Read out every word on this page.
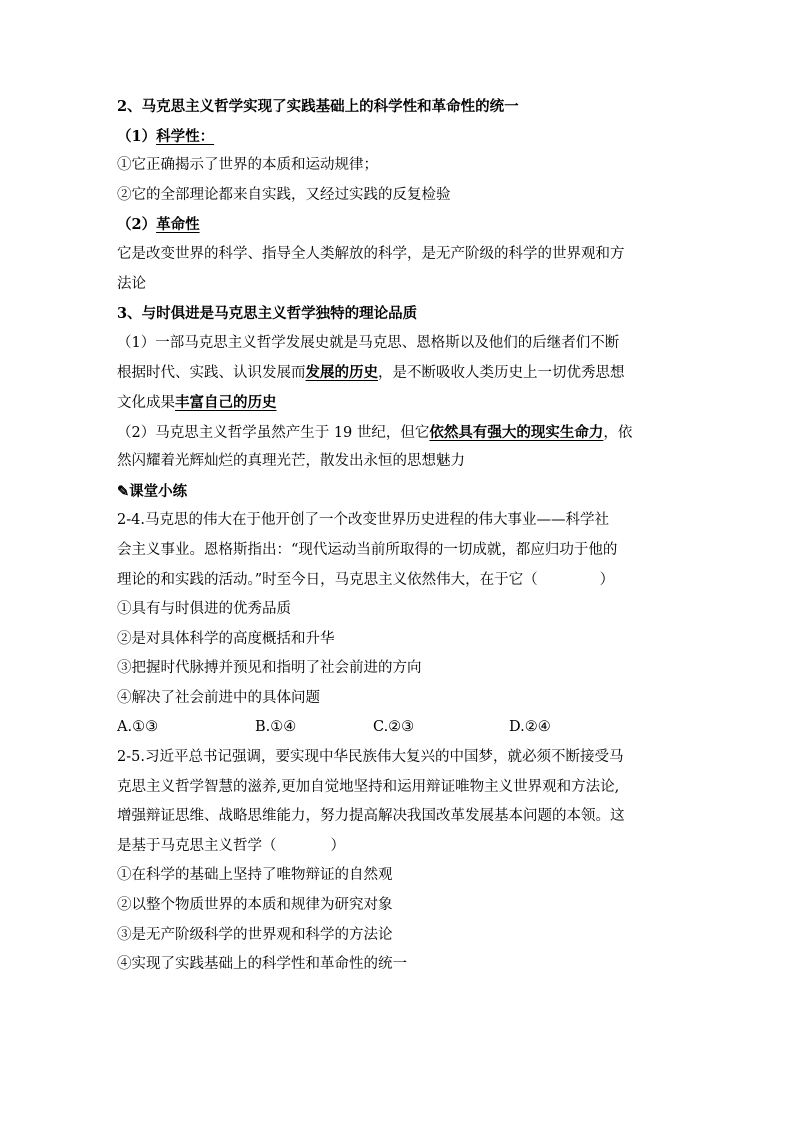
2、马克思主义哲学实现了实践基础上的科学性和革命性的统一
（1）科学性：
①它正确揭示了世界的本质和运动规律；
②它的全部理论都来自实践，又经过实践的反复检验
（2）革命性
它是改变世界的科学、指导全人类解放的科学，是无产阶级的科学的世界观和方
法论
3、与时俱进是马克思主义哲学独特的理论品质
（1）一部马克思主义哲学发展史就是马克思、恩格斯以及他们的后继者们不断
根据时代、实践、认识发展而发展的历史，是不断吸收人类历史上一切优秀思想
文化成果丰富自己的历史
（2）马克思主义哲学虽然产生于 19 世纪，但它依然具有强大的现实生命力，依
然闪耀着光辉灿烂的真理光芒，散发出永恒的思想魅力
✎课堂小练
2-4.马克思的伟大在于他开创了一个改变世界历史进程的伟大事业——科学社
会主义事业。恩格斯指出：“现代运动当前所取得的一切成就，都应归功于他的
理论的和实践的活动。”时至今日，马克思主义依然伟大，在于它（	）
①具有与时俱进的优秀品质
②是对具体科学的高度概括和升华
③把握时代脉搏并预见和指明了社会前进的方向
④解决了社会前进中的具体问题
A.①③	B.①④	C.②③	D.②④
2-5.习近平总书记强调，要实现中华民族伟大复兴的中国梦，就必须不断接受马
克思主义哲学智慧的滋养,更加自觉地坚持和运用辩证唯物主义世界观和方法论,
增强辩证思维、战略思维能力，努力提高解决我国改革发展基本问题的本领。这
是基于马克思主义哲学（	）
①在科学的基础上坚持了唯物辩证的自然观
②以整个物质世界的本质和规律为研究对象
③是无产阶级科学的世界观和科学的方法论
④实现了实践基础上的科学性和革命性的统一
